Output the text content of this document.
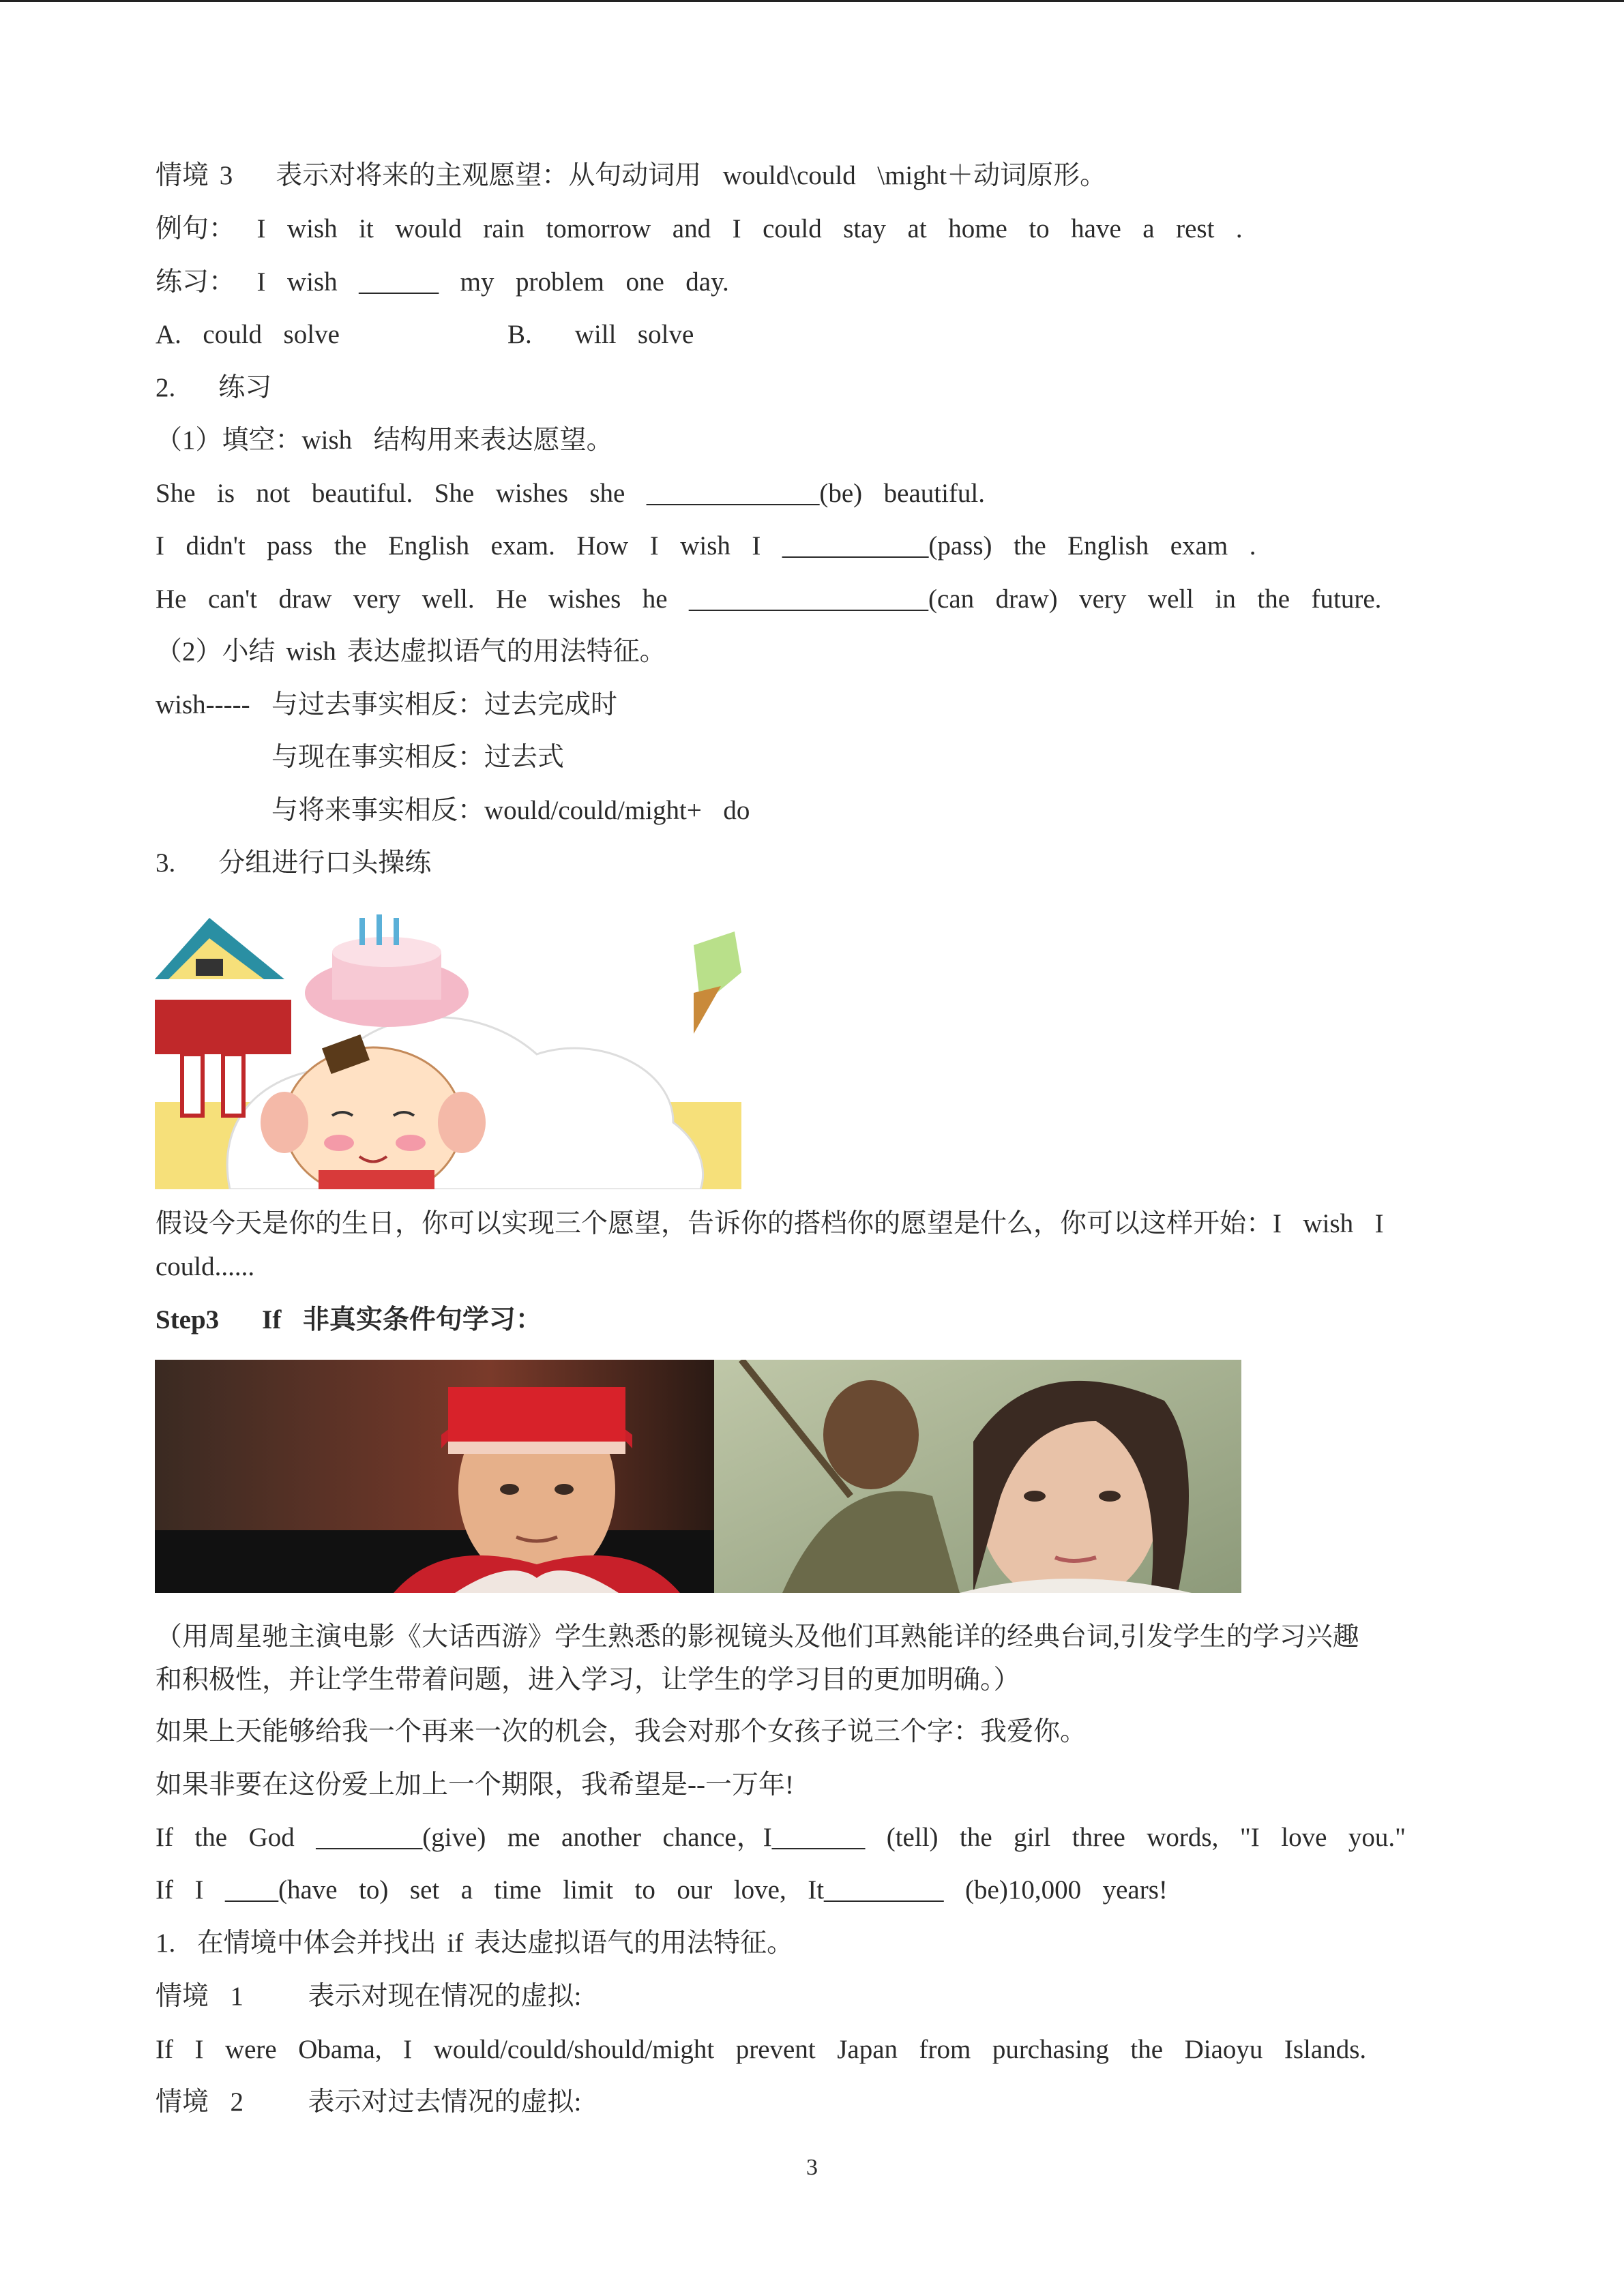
情境 3    表示对将来的主观愿望：从句动词用  would\could  \might＋动词原形。
例句：  I  wish  it  would  rain  tomorrow  and  I  could  stay  at  home  to  have  a  rest  .
练习：  I  wish  ______  my  problem  one  day.
A.  could  solve	B.    will  solve
2.    练习
（1）填空：wish  结构用来表达愿望。
She  is  not  beautiful.  She  wishes  she  _____________(be)  beautiful.
I  didn't  pass  the  English  exam.  How  I  wish  I  ___________(pass)  the  English  exam  .
He  can't  draw  very  well.  He  wishes  he  __________________(can  draw)  very  well  in  the  future.
（2）小结 wish 表达虚拟语气的用法特征。
wish----- 与过去事实相反：过去完成时
与现在事实相反：过去式
与将来事实相反：would/could/might+  do
3.    分组进行口头操练
假设今天是你的生日，你可以实现三个愿望，告诉你的搭档你的愿望是什么，你可以这样开始：I  wish  I
could......
Step3    If  非真实条件句学习：
（用周星驰主演电影《大话西游》学生熟悉的影视镜头及他们耳熟能详的经典台词,引发学生的学习兴趣
和积极性，并让学生带着问题，进入学习，让学生的学习目的更加明确。）
如果上天能够给我一个再来一次的机会，我会对那个女孩子说三个字：我爱你。
如果非要在这份爱上加上一个期限，我希望是--一万年!
If  the  God  ________(give)  me  another  chance，I_______  (tell)  the  girl  three  words,  "I  love  you."
If  I  ____(have  to)  set  a  time  limit  to  our  love,  It_________  (be)10,000  years!
1.  在情境中体会并找出 if 表达虚拟语气的用法特征。
情境  1      表示对现在情况的虚拟:
If  I  were  Obama,  I  would/could/should/might  prevent  Japan  from  purchasing  the  Diaoyu  Islands.
情境  2      表示对过去情况的虚拟:
3
